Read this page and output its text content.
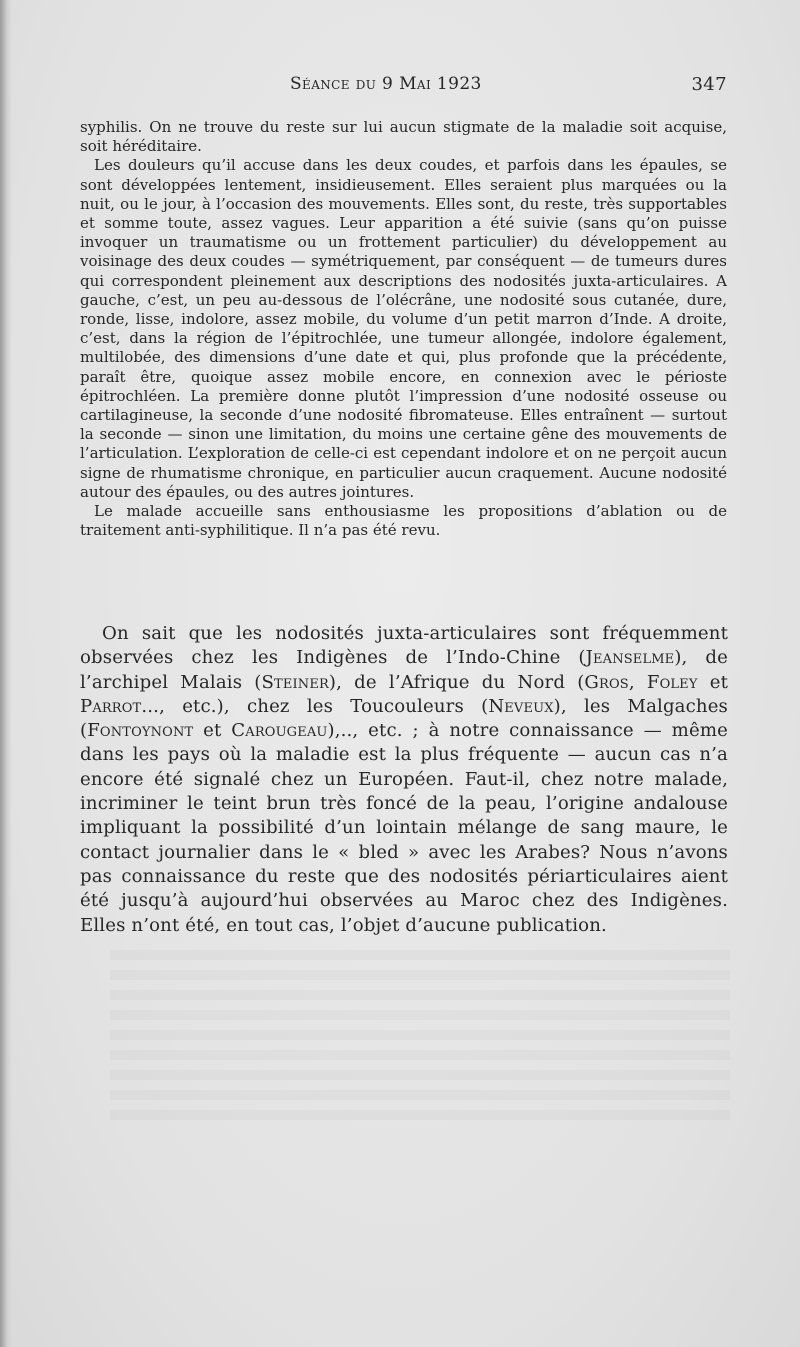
Séance du 9 Mai 1923	347

syphilis. On ne trouve du reste sur lui aucun stigmate de la maladie soit acquise, soit héréditaire.

Les douleurs qu’il accuse dans les deux coudes, et parfois dans les épaules, se sont développées lentement, insidieusement. Elles seraient plus marquées ou la nuit, ou le jour, à l’occasion des mouvements. Elles sont, du reste, très supportables et somme toute, assez vagues. Leur apparition a été suivie (sans qu’on puisse invoquer un traumatisme ou un frottement particulier) du développement au voisinage des deux coudes — symétriquement, par conséquent — de tumeurs dures qui correspondent pleinement aux descriptions des nodosités juxta-articulaires. A gauche, c’est, un peu au-dessous de l’olécrâne, une nodosité sous cutanée, dure, ronde, lisse, indolore, assez mobile, du volume d’un petit marron d’Inde. A droite, c’est, dans la région de l’épitrochlée, une tumeur allongée, indolore également, multilobée, des dimensions d’une date et qui, plus profonde que la précédente, paraît être, quoique assez mobile encore, en connexion avec le périoste épitrochléen. La première donne plutôt l’impression d’une nodosité osseuse ou cartilagineuse, la seconde d’une nodosité fibromateuse. Elles entraînent — surtout la seconde — sinon une limitation, du moins une certaine gêne des mouvements de l’articulation. L’exploration de celle-ci est cependant indolore et on ne perçoit aucun signe de rhumatisme chronique, en particulier aucun craquement. Aucune nodosité autour des épaules, ou des autres jointures.

Le malade accueille sans enthousiasme les propositions d’ablation ou de traitement anti-syphilitique. Il n’a pas été revu.

On sait que les nodosités juxta-articulaires sont fréquemment observées chez les Indigènes de l’Indo-Chine (Jeanselme), de l’archipel Malais (Steiner), de l’Afrique du Nord (Gros, Foley et Parrot..., etc.), chez les Toucouleurs (Neveux), les Malgaches (Fontoynont et Carougeau),.., etc. ; à notre connaissance — même dans les pays où la maladie est la plus fréquente — aucun cas n’a encore été signalé chez un Européen. Faut-il, chez notre malade, incriminer le teint brun très foncé de la peau, l’origine andalouse impliquant la possibilité d’un lointain mélange de sang maure, le contact journalier dans le « bled » avec les Arabes? Nous n’avons pas connaissance du reste que des nodosités périarticulaires aient été jusqu’à aujourd’hui observées au Maroc chez des Indigènes. Elles n’ont été, en tout cas, l’objet d’aucune publication.
